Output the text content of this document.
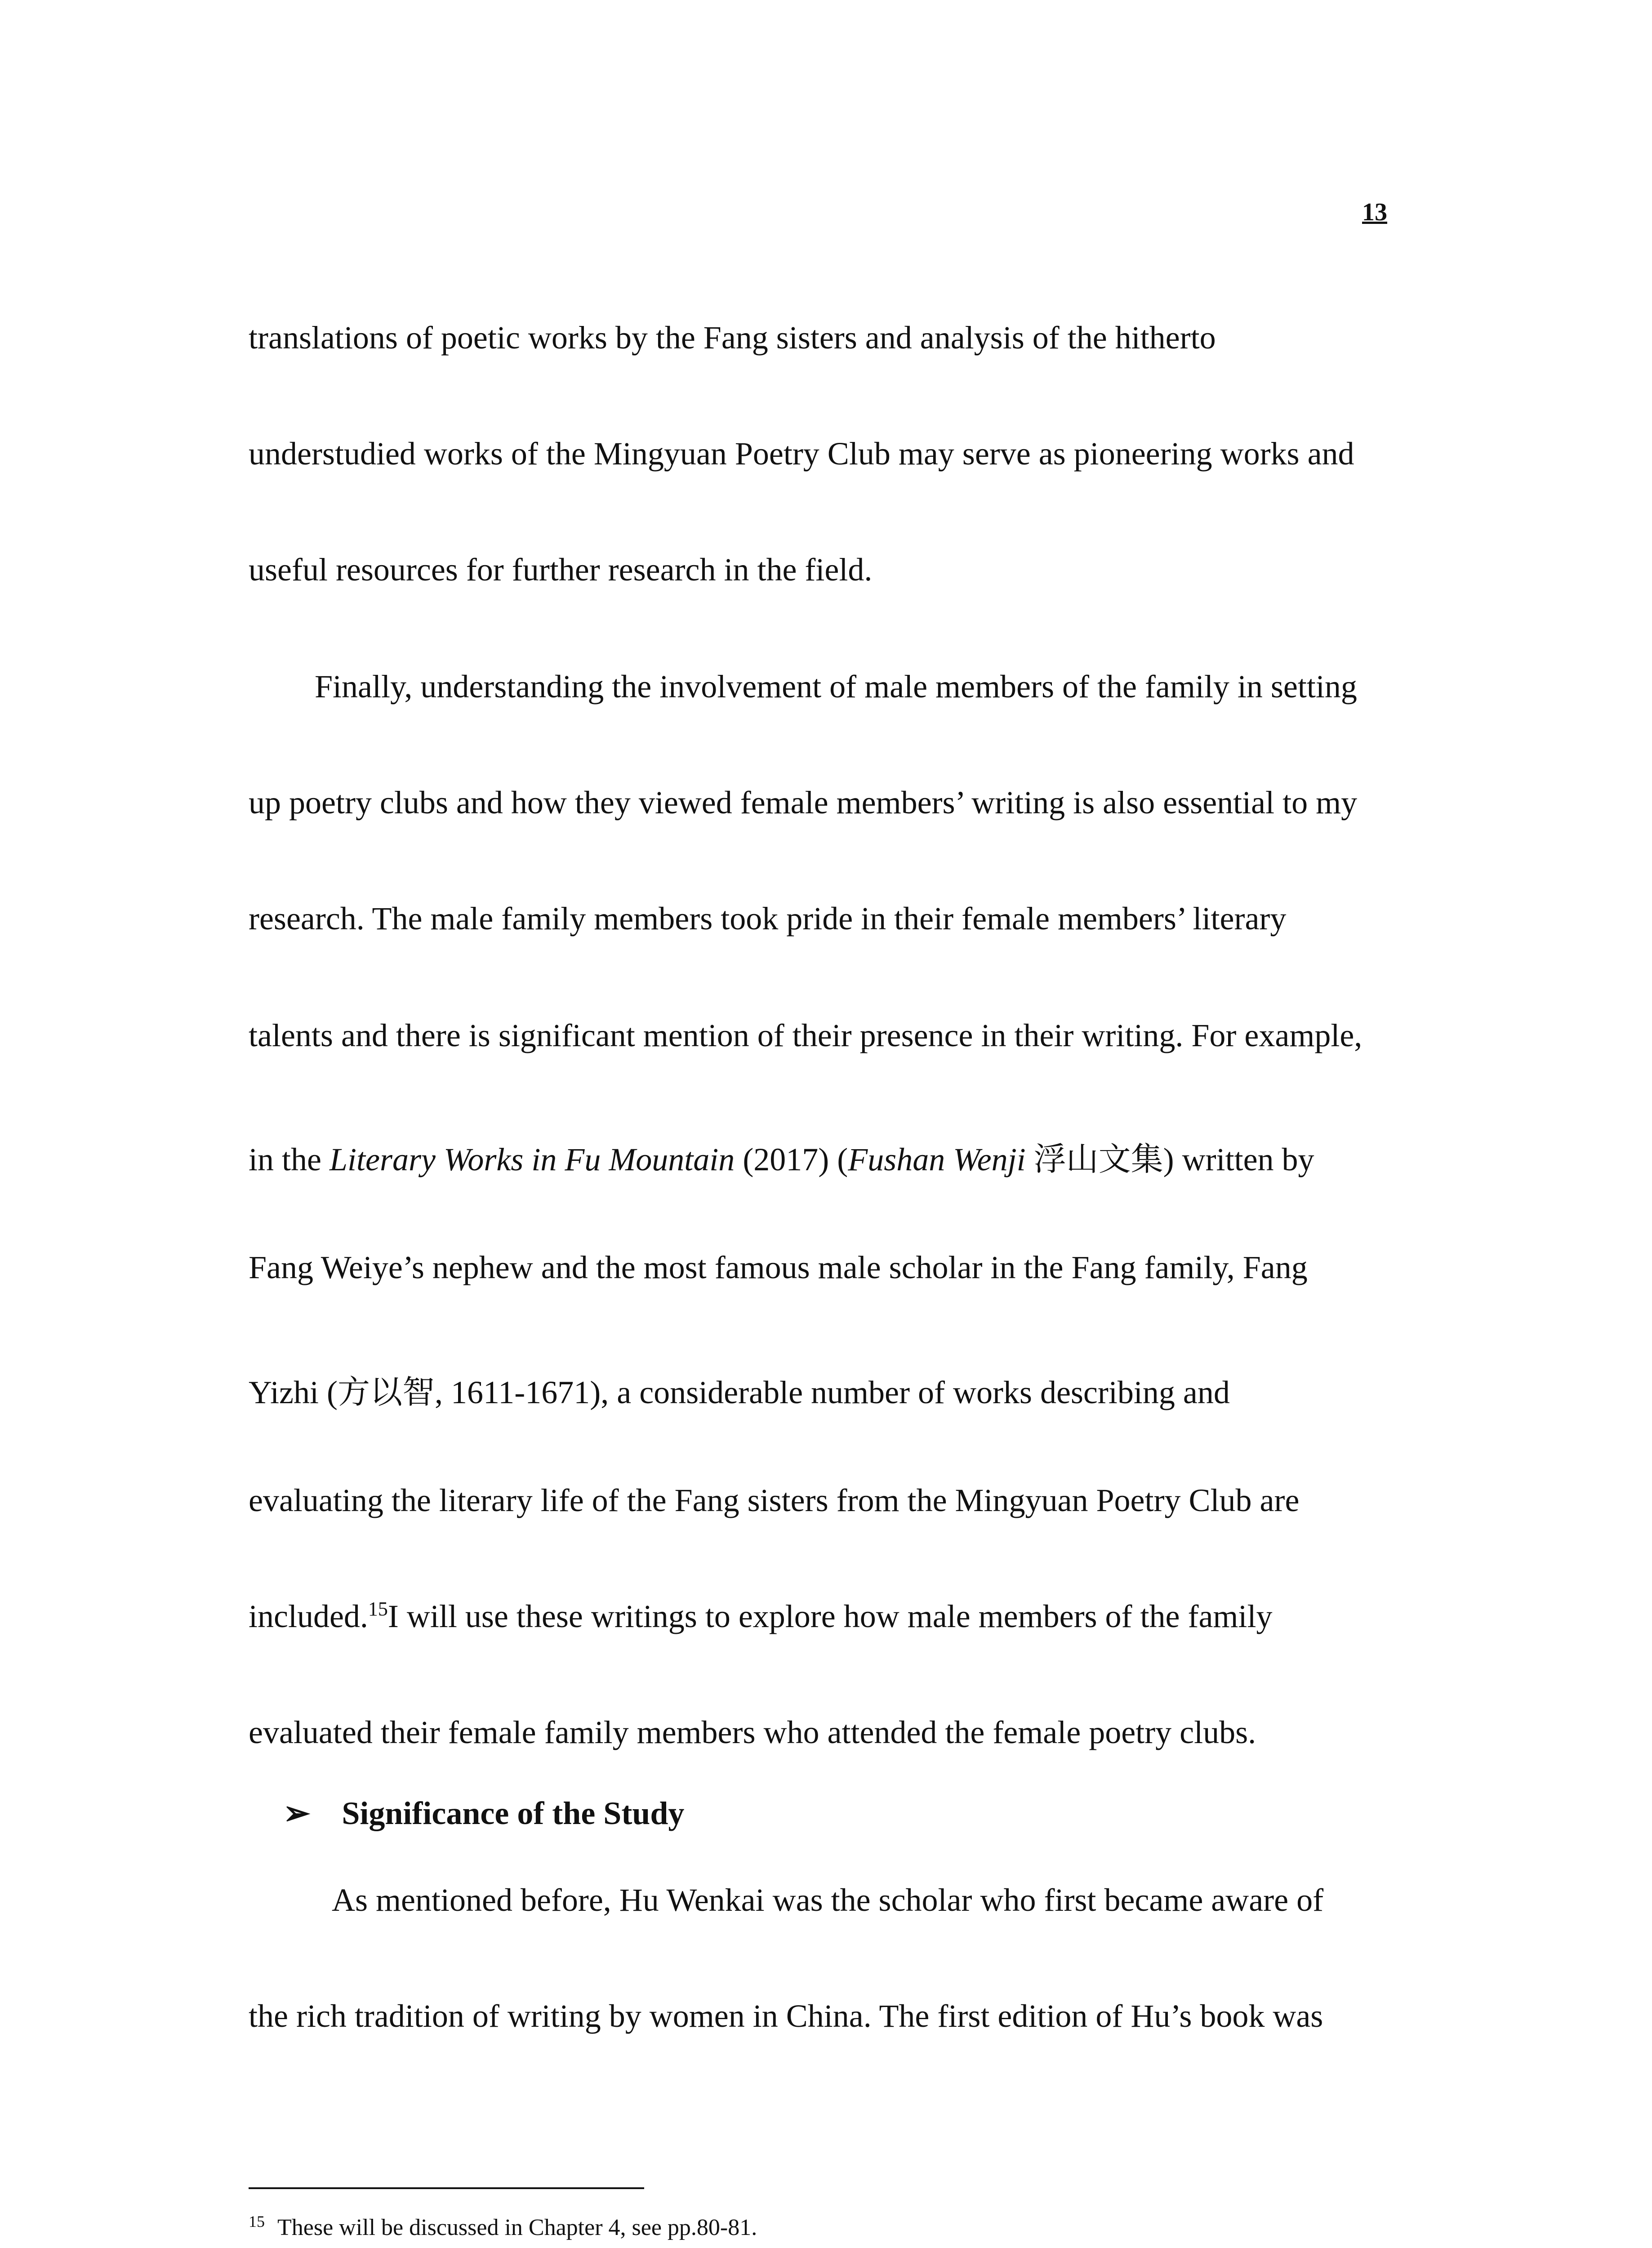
13
translations of poetic works by the Fang sisters and analysis of the hitherto
understudied works of the Mingyuan Poetry Club may serve as pioneering works and
useful resources for further research in the field.
Finally, understanding the involvement of male members of the family in setting
up poetry clubs and how they viewed female members’ writing is also essential to my
research. The male family members took pride in their female members’ literary
talents and there is significant mention of their presence in their writing. For example,
in the Literary Works in Fu Mountain (2017) (Fushan Wenji 浮山文集) written by
Fang Weiye’s nephew and the most famous male scholar in the Fang family, Fang
Yizhi (方以智, 1611-1671), a considerable number of works describing and
evaluating the literary life of the Fang sisters from the Mingyuan Poetry Club are
included.$^{15}$I will use these writings to explore how male members of the family
evaluated their female family members who attended the female poetry clubs.
➢ Significance of the Study
As mentioned before, Hu Wenkai was the scholar who first became aware of
the rich tradition of writing by women in China. The first edition of Hu’s book was
$^{15}$ These will be discussed in Chapter 4, see pp.80-81.
